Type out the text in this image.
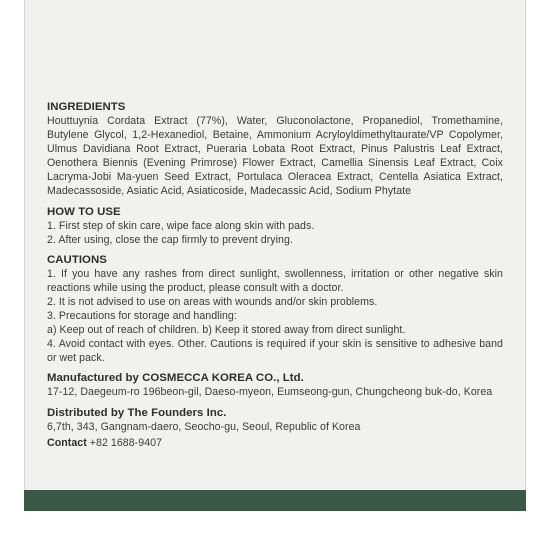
INGREDIENTS
Houttuynia Cordata Extract (77%), Water, Gluconolactone, Propanediol, Tromethamine, Butylene Glycol, 1,2-Hexanediol, Betaine, Ammonium Acryloyldimethyltaurate/VP Copolymer, Ulmus Davidiana Root Extract, Pueraria Lobata Root Extract, Pinus Palustris Leaf Extract, Oenothera Biennis (Evening Primrose) Flower Extract, Camellia Sinensis Leaf Extract, Coix Lacryma-Jobi Ma-yuen Seed Extract, Portulaca Oleracea Extract, Centella Asiatica Extract, Madecassoside, Asiatic Acid, Asiaticoside, Madecassic Acid, Sodium Phytate
HOW TO USE
1. First step of skin care, wipe face along skin with pads.
2. After using, close the cap firmly to prevent drying.
CAUTIONS
1. If you have any rashes from direct sunlight, swollenness, irritation or other negative skin reactions while using the product, please consult with a doctor.
2. It is not advised to use on areas with wounds and/or skin problems.
3. Precautions for storage and handling:
a) Keep out of reach of children. b) Keep it stored away from direct sunlight.
4. Avoid contact with eyes. Other. Cautions is required if your skin is sensitive to adhesive band or wet pack.
Manufactured by COSMECCA KOREA CO., Ltd.
17-12, Daegeum-ro 196beon-gil, Daeso-myeon, Eumseong-gun, Chungcheong buk-do, Korea
Distributed by The Founders Inc.
6,7th, 343, Gangnam-daero, Seocho-gu, Seoul, Republic of Korea
Contact +82 1688-9407
